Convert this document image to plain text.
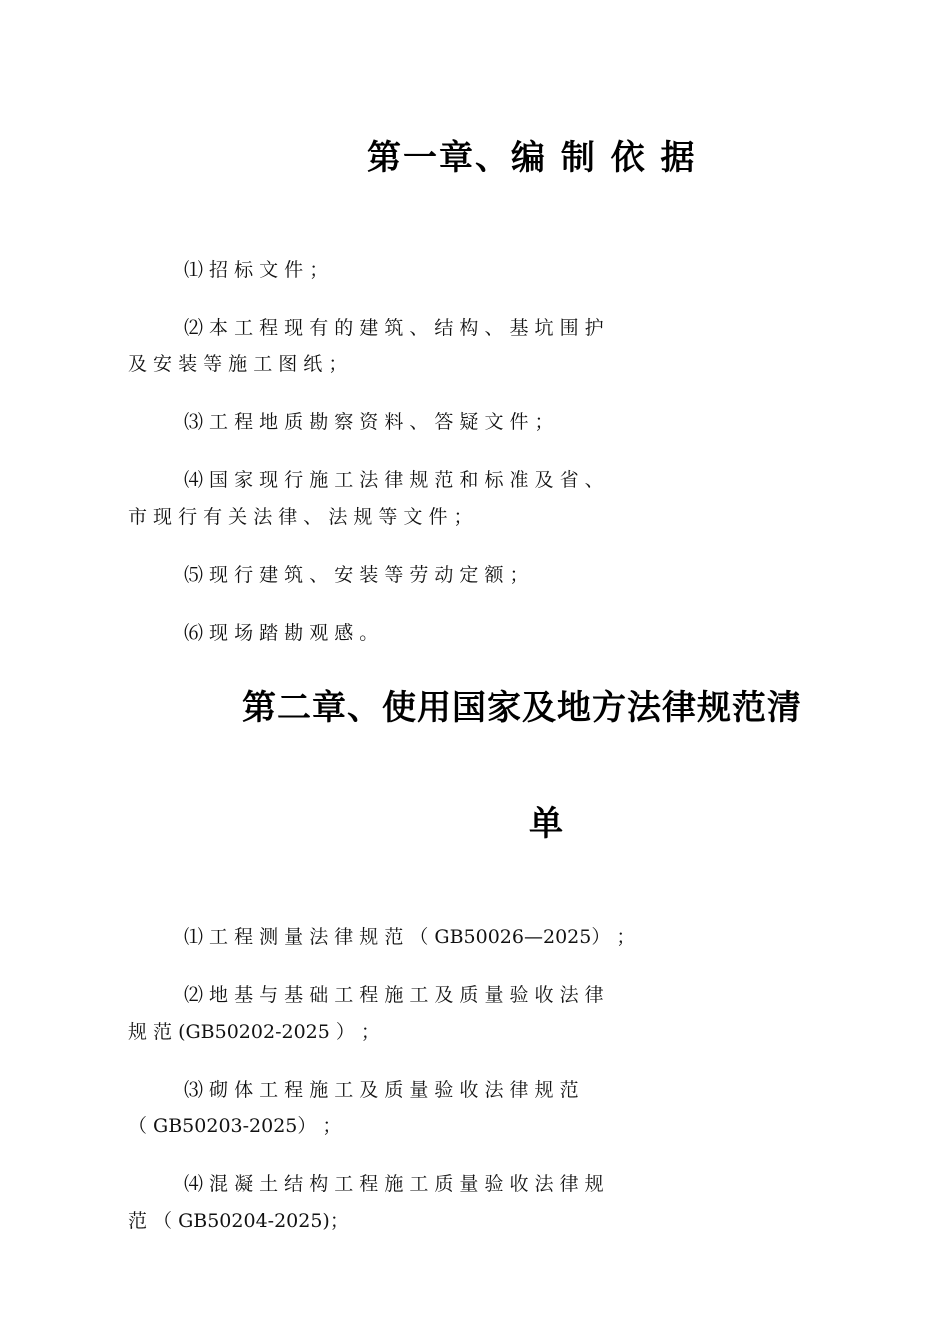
第一章、编 制 依 据

⑴ 招 标 文 件 ；

⑵ 本 工 程 现 有 的 建 筑 、 结 构 、 基 坑 围 护

及 安 装 等 施 工 图 纸 ；

⑶ 工 程 地 质 勘 察 资 料 、 答 疑 文 件 ；

⑷ 国 家 现 行 施 工 法 律 规 范 和 标 准 及 省 、

市 现 行 有 关 法 律 、 法 规 等 文 件 ；

⑸ 现 行 建 筑 、 安 装 等 劳 动 定 额 ；

⑹ 现 场 踏 勘 观 感 。

第二章、使用国家及地方法律规范清
单

⑴ 工 程 测 量 法 律 规 范 （ GB50026—2025） ；

⑵ 地 基 与 基 础 工 程 施 工 及 质 量 验 收 法 律

规 范 (GB50202-2025 ） ；

⑶ 砌 体 工 程 施 工 及 质 量 验 收 法 律 规 范

（ GB50203-2025） ；

⑷ 混 凝 土 结 构 工 程 施 工 质 量 验 收 法 律 规

范 （ GB50204-2025)；
